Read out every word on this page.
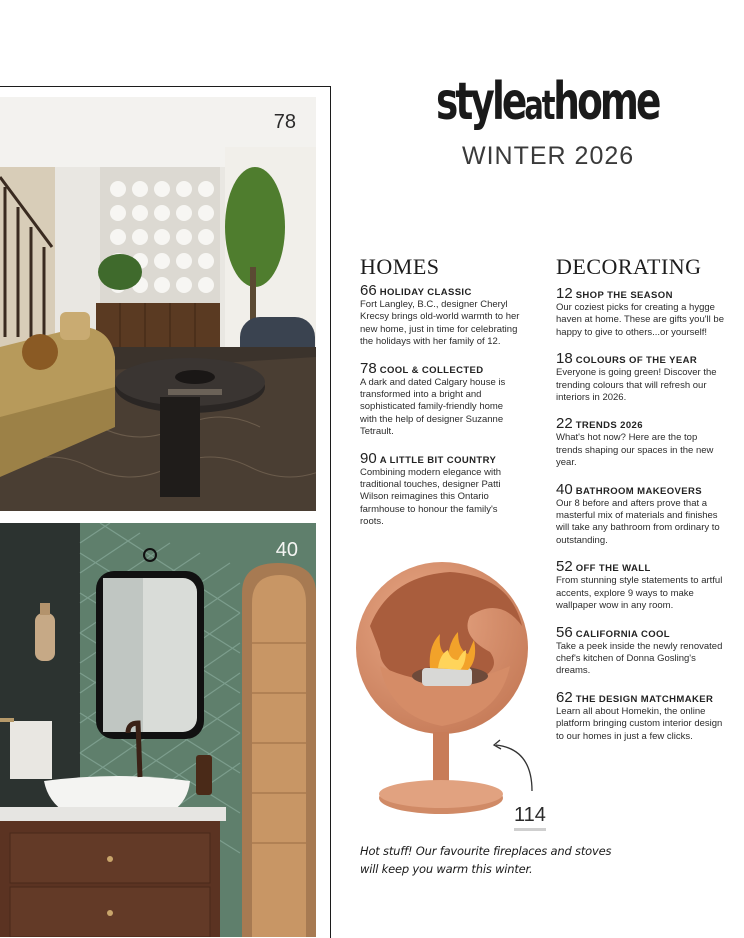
78
40
styleathome
WINTER 2026
HOMES	DECORATING
66 HOLIDAY CLASSIC
Fort Langley, B.C., designer Cheryl Krecsy brings old-world warmth to her new home, just in time for celebrating the holidays with her family of 12.
78 COOL & COLLECTED
A dark and dated Calgary house is transformed into a bright and sophisticated family-friendly home with the help of designer Suzanne Tetrault.
90 A LITTLE BIT COUNTRY
Combining modern elegance with traditional touches, designer Patti Wilson reimagines this Ontario farmhouse to honour the family's roots.
12 SHOP THE SEASON
Our coziest picks for creating a hygge haven at home. These are gifts you'll be happy to give to others...or yourself!
18 COLOURS OF THE YEAR
Everyone is going green! Discover the trending colours that will refresh our interiors in 2026.
22 TRENDS 2026
What's hot now? Here are the top trends shaping our spaces in the new year.
40 BATHROOM MAKEOVERS
Our 8 before and afters prove that a masterful mix of materials and finishes will take any bathroom from ordinary to outstanding.
52 OFF THE WALL
From stunning style statements to artful accents, explore 9 ways to make wallpaper wow in any room.
56 CALIFORNIA COOL
Take a peek inside the newly renovated chef's kitchen of Donna Gosling's dreams.
62 THE DESIGN MATCHMAKER
Learn all about Homekin, the online platform bringing custom interior design to our homes in just a few clicks.
114
Hot stuff! Our favourite fireplaces and stoves
will keep you warm this winter.
